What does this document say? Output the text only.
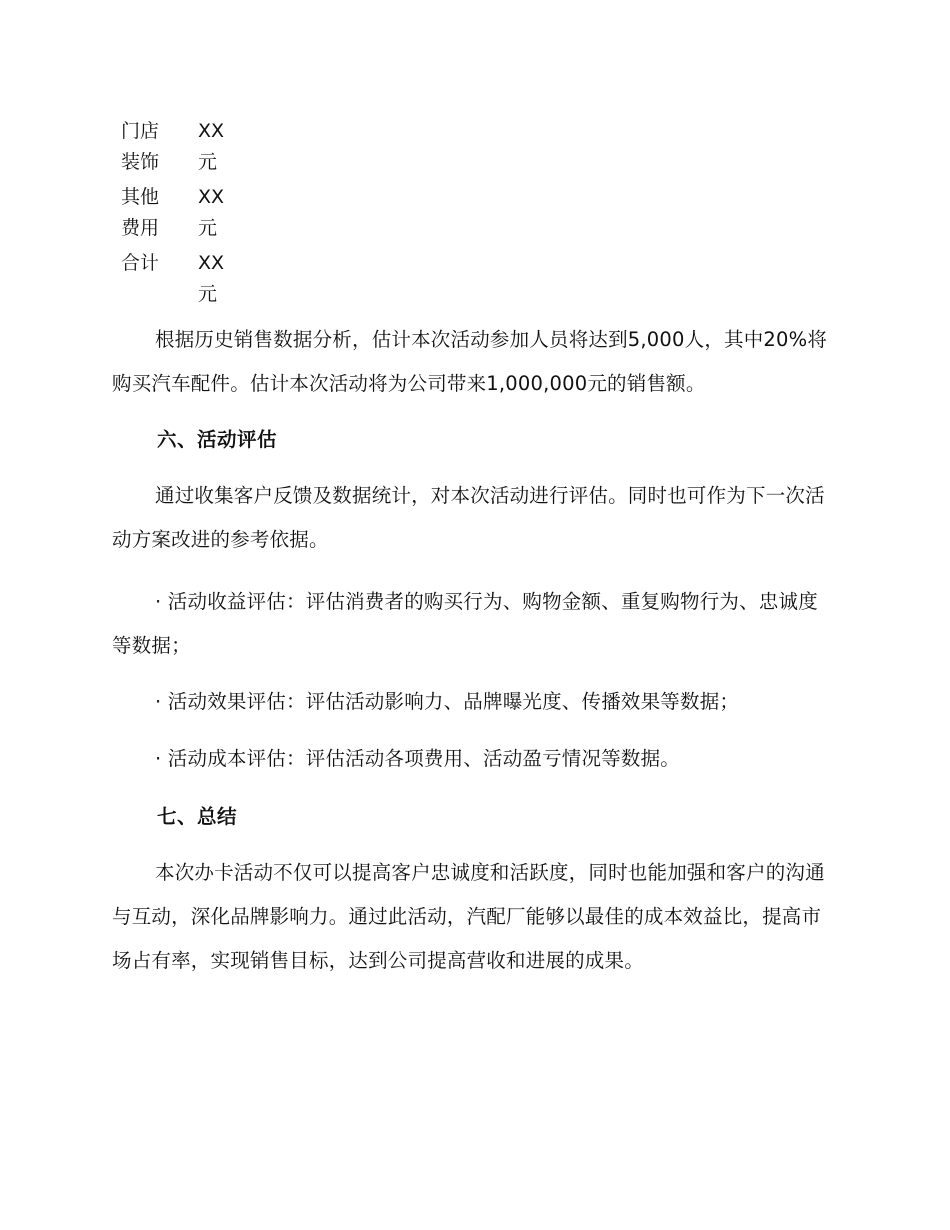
门店装饰
XX元
其他费用
XX元
合计	XX元

根据历史销售数据分析，估计本次活动参加人员将达到5,000人，其中20%将购买汽车配件。估计本次活动将为公司带来1,000,000元的销售额。

六、活动评估

通过收集客户反馈及数据统计，对本次活动进行评估。同时也可作为下一次活动方案改进的参考依据。

· 活动收益评估：评估消费者的购买行为、购物金额、重复购物行为、忠诚度等数据；

· 活动效果评估：评估活动影响力、品牌曝光度、传播效果等数据；

· 活动成本评估：评估活动各项费用、活动盈亏情况等数据。

七、总结

本次办卡活动不仅可以提高客户忠诚度和活跃度，同时也能加强和客户的沟通与互动，深化品牌影响力。通过此活动，汽配厂能够以最佳的成本效益比，提高市场占有率，实现销售目标，达到公司提高营收和进展的成果。
